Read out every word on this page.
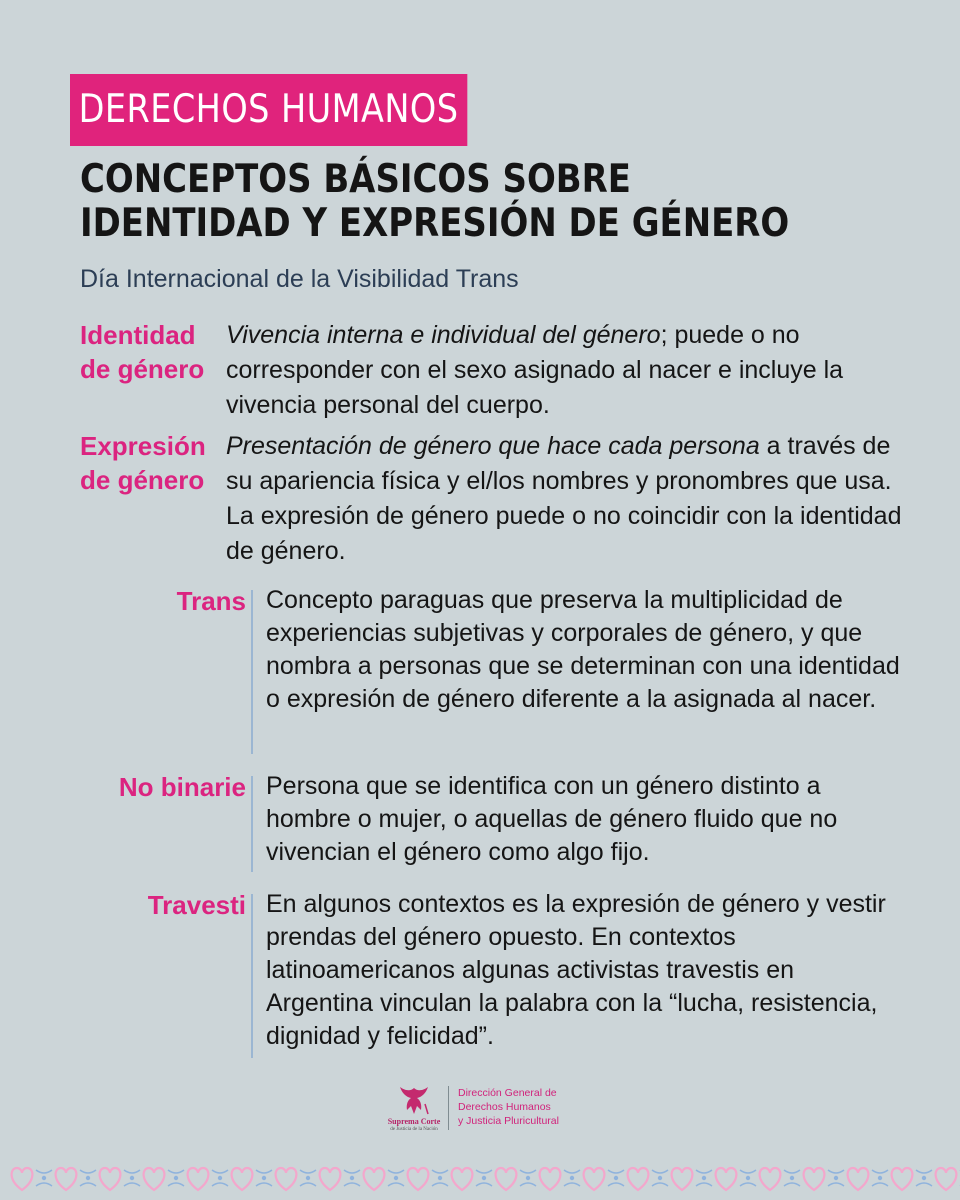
DERECHOS HUMANOS
CONCEPTOS BÁSICOS SOBRE
IDENTIDAD Y EXPRESIÓN DE GÉNERO
Día Internacional de la Visibilidad Trans
Identidad
de género
Vivencia interna e individual del género; puede o no corresponder con el sexo asignado al nacer e incluye la vivencia personal del cuerpo.
Expresión
de género
Presentación de género que hace cada persona a través de su apariencia física y el/los nombres y pronombres que usa. La expresión de género puede o no coincidir con la identidad de género.
Trans Concepto paraguas que preserva la multiplicidad de experiencias subjetivas y corporales de género, y que nombra a personas que se determinan con una identidad o expresión de género diferente a la asignada al nacer.
No binarie Persona que se identifica con un género distinto a hombre o mujer, o aquellas de género fluido que no vivencian el género como algo fijo.
Travesti En algunos contextos es la expresión de género y vestir prendas del género opuesto. En contextos latinoamericanos algunas activistas travestis en Argentina vinculan la palabra con la “lucha, resistencia, dignidad y felicidad”.
Suprema Corte
de Justicia de la Nación
Dirección General de
Derechos Humanos
y Justicia Pluricultural
